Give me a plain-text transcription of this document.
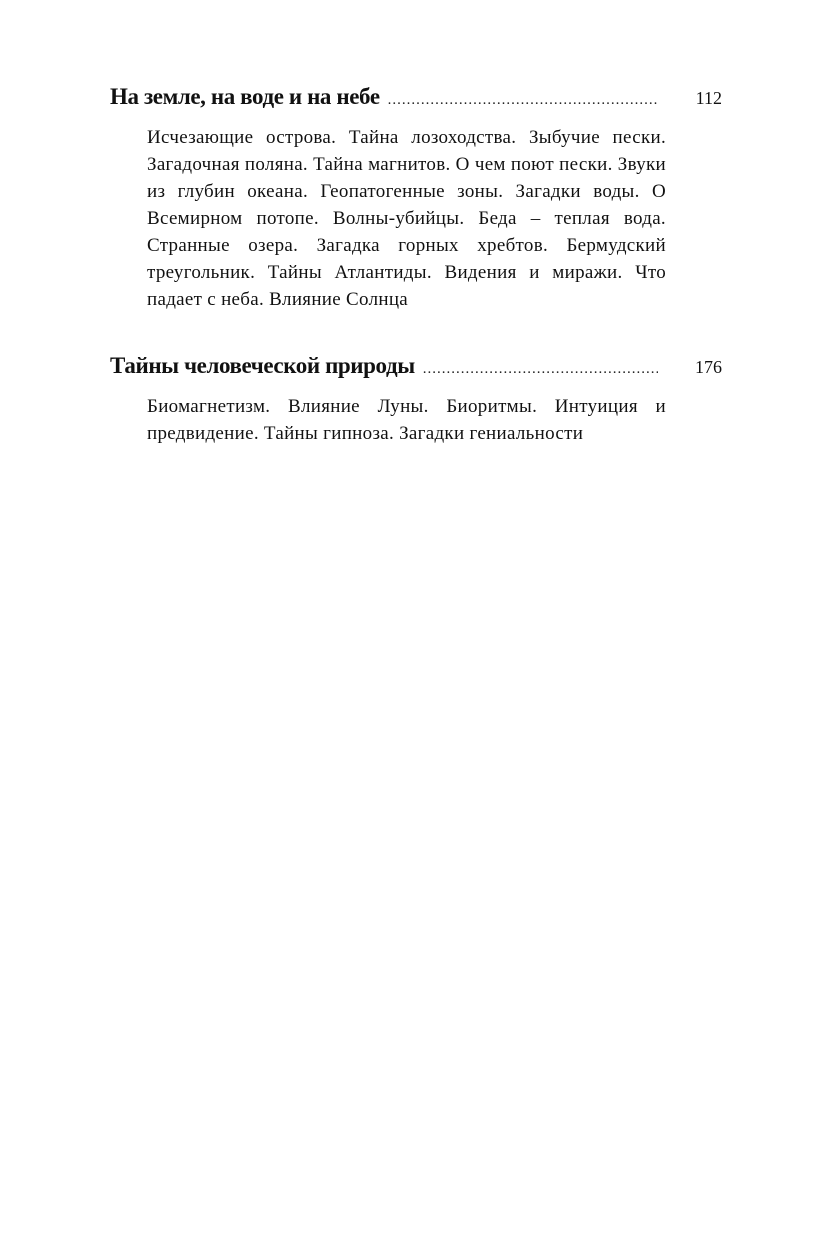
На земле, на воде и на небе .....	112
Исчезающие острова. Тайна лозоходства. Зыбучие пески. Загадочная поляна. Тайна магнитов. О чем поют пески. Звуки из глубин океана. Геопатогенные зоны. Загадки воды. О Всемирном потопе. Волны-убийцы. Беда – теплая вода. Странные озера. Загадка горных хребтов. Бермудский треугольник. Тайны Атлантиды. Видения и миражи. Что падает с неба. Влияние Солнца
Тайны человеческой природы .....	176
Биомагнетизм. Влияние Луны. Биоритмы. Интуиция и предвидение. Тайны гипноза. Загадки гениальности
